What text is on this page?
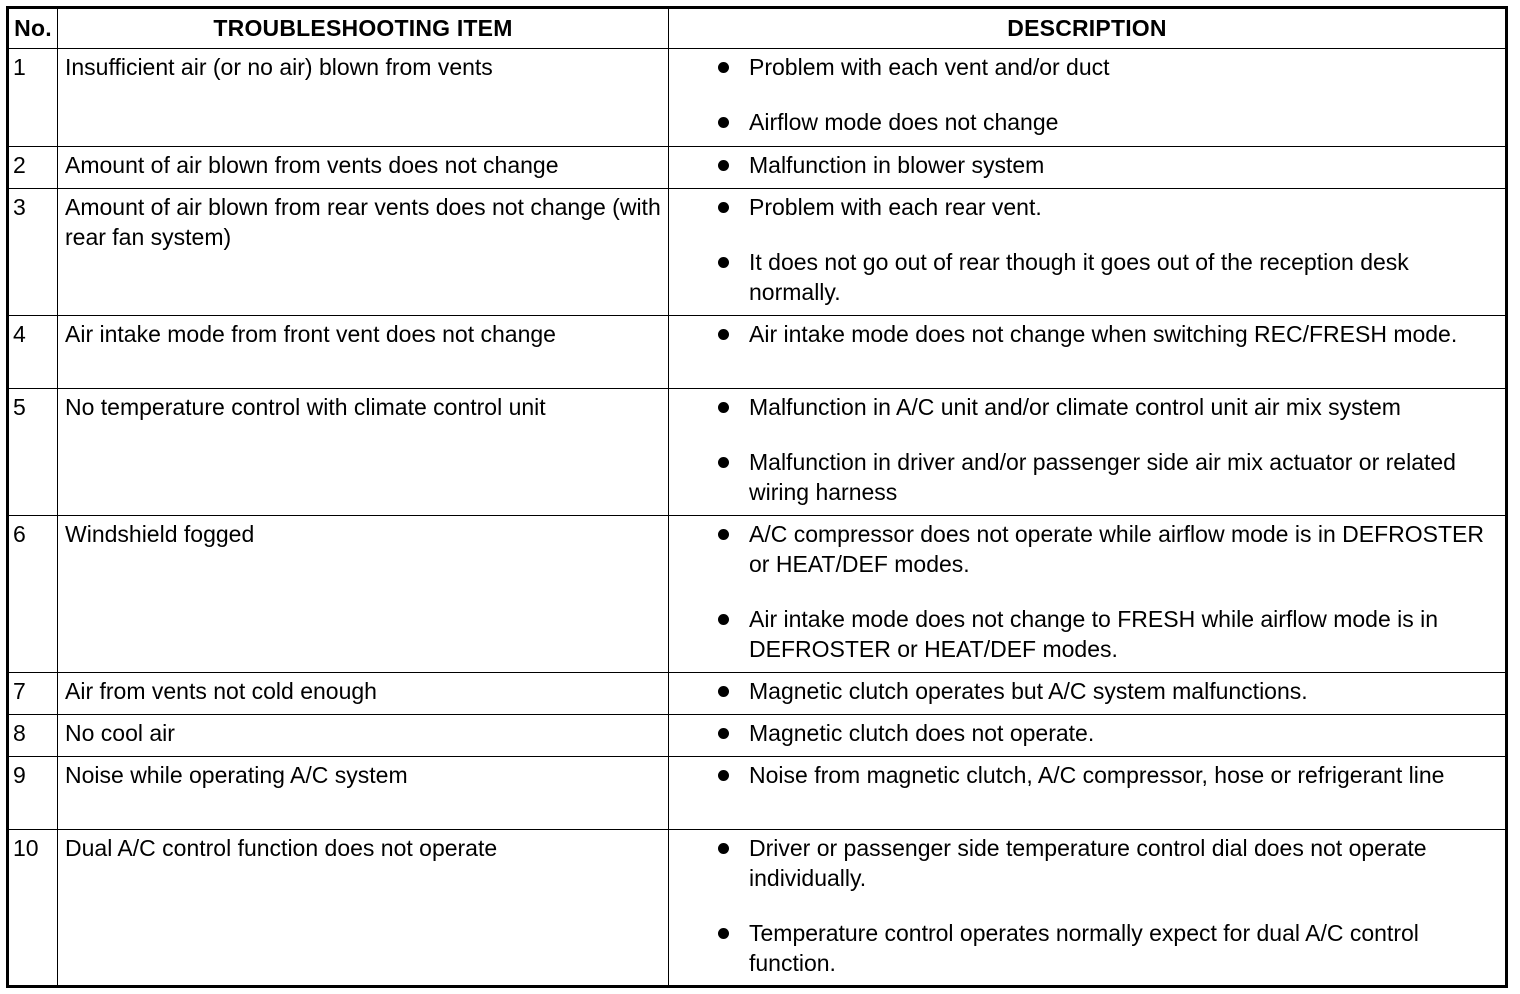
No.	TROUBLESHOOTING ITEM	DESCRIPTION

1	Insufficient air (or no air) blown from vents	Problem with each vent and/or duct
Airflow mode does not change

2	Amount of air blown from vents does not change	Malfunction in blower system

3	Amount of air blown from rear vents does not change (with rear fan system)	Problem with each rear vent.
It does not go out of rear though it goes out of the reception desk normally.

4	Air intake mode from front vent does not change	Air intake mode does not change when switching REC/FRESH mode.

5	No temperature control with climate control unit	Malfunction in A/C unit and/or climate control unit air mix system
Malfunction in driver and/or passenger side air mix actuator or related wiring harness

6	Windshield fogged	A/C compressor does not operate while airflow mode is in DEFROSTER or HEAT/DEF modes.
Air intake mode does not change to FRESH while airflow mode is in DEFROSTER or HEAT/DEF modes.

7	Air from vents not cold enough	Magnetic clutch operates but A/C system malfunctions.

8	No cool air	Magnetic clutch does not operate.

9	Noise while operating A/C system	Noise from magnetic clutch, A/C compressor, hose or refrigerant line

10	Dual A/C control function does not operate	Driver or passenger side temperature control dial does not operate individually.
Temperature control operates normally expect for dual A/C control function.
